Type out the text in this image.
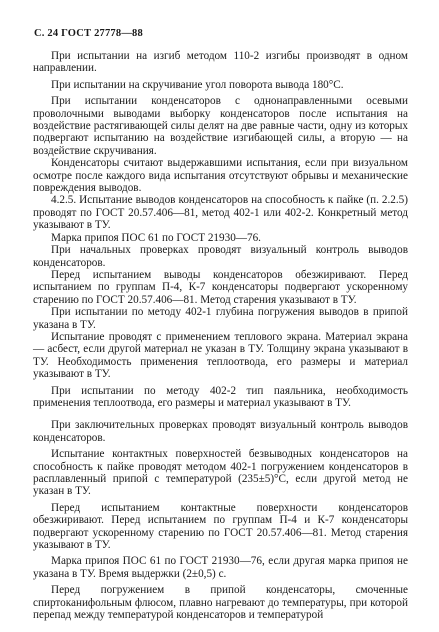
С. 24 ГОСТ 27778—88

При испытании на изгиб методом 110-2 изгибы производят в одном направлении.

При испытании на скручивание угол поворота вывода 180°С.

При испытании конденсаторов с однонаправленными осевыми проволочными выводами выборку конденсаторов после испытания на воздействие растягивающей силы делят на две равные части, одну из которых подвергают испытанию на воздействие изгибающей силы, а вторую — на воздействие скручивания.

Конденсаторы считают выдержавшими испытания, если при визуальном осмотре после каждого вида испытания отсутствуют обрывы и механические повреждения выводов.

4.2.5. Испытание выводов конденсаторов на способность к пайке (п. 2.2.5) проводят по ГОСТ 20.57.406—81, метод 402-1 или 402-2. Конкретный метод указывают в ТУ.

Марка припоя ПОС 61 по ГОСТ 21930—76.

При начальных проверках проводят визуальный контроль выводов конденсаторов.

Перед испытанием выводы конденсаторов обезжиривают. Перед испытанием по группам П-4, К-7 конденсаторы подвергают ускоренному старению по ГОСТ 20.57.406—81. Метод старения указывают в ТУ.

При испытании по методу 402-1 глубина погружения выводов в припой указана в ТУ.

Испытание проводят с применением теплового экрана. Материал экрана — асбест, если другой материал не указан в ТУ. Толщину экрана указывают в ТУ. Необходимость применения теплоотвода, его размеры и материал указывают в ТУ.

При испытании по методу 402-2 тип паяльника, необходимость применения теплоотвода, его размеры и материал указывают в ТУ.

При заключительных проверках проводят визуальный контроль выводов конденсаторов.

Испытание контактных поверхностей безвыводных конденсаторов на способность к пайке проводят методом 402-1 погружением конденсаторов в расплавленный припой с температурой (235±5)°С, если другой метод не указан в ТУ.

Перед испытанием контактные поверхности конденсаторов обезжиривают. Перед испытанием по группам П-4 и К-7 конденсаторы подвергают ускоренному старению по ГОСТ 20.57.406—81. Метод старения указывают в ТУ.

Марка припоя ПОС 61 по ГОСТ 21930—76, если другая марка припоя не указана в ТУ. Время выдержки (2±0,5) с.

Перед погружением в припой конденсаторы, смоченные спиртоканифольным флюсом, плавно нагревают до температуры, при которой перепад между температурой конденсаторов и температурой
